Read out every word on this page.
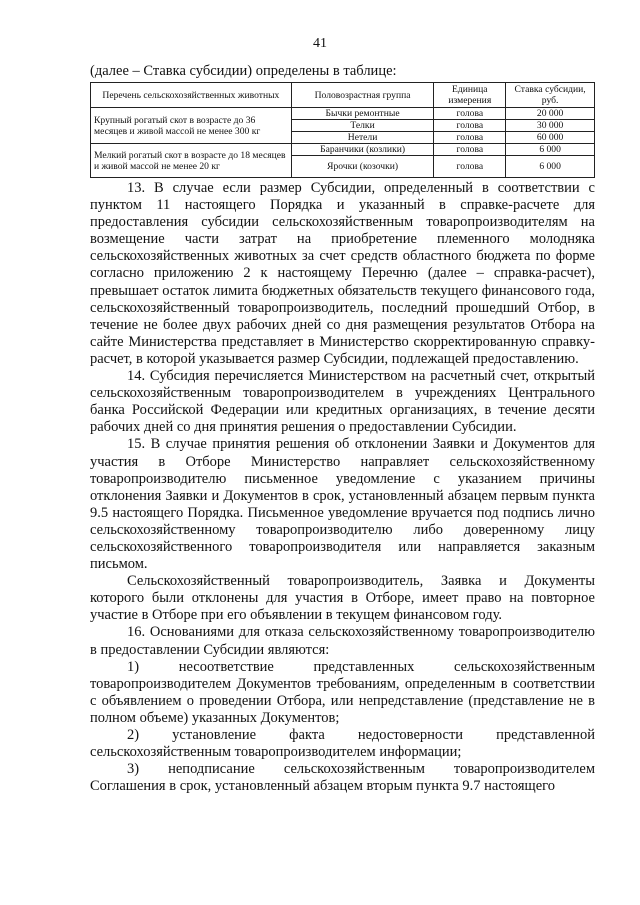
41
(далее – Ставка субсидии) определены в таблице:
Перечень сельскохозяйственных животных	Половозрастная группа	Единица измерения	Ставка субсидии, руб.
Крупный рогатый скот в возрасте до 36 месяцев и живой массой не менее 300 кг	Бычки ремонтные	голова	20 000
	Телки	голова	30 000
	Нетели	голова	60 000
Мелкий рогатый скот в возрасте до 18 месяцев и живой массой не менее 20 кг	Баранчики (козлики)	голова	6 000
	Ярочки (козочки)	голова	6 000

13. В случае если размер Субсидии, определенный в соответствии с пунктом 11 настоящего Порядка и указанный в справке-расчете для предоставления субсидии сельскохозяйственным товаропроизводителям на возмещение части затрат на приобретение племенного молодняка сельскохозяйственных животных за счет средств областного бюджета по форме согласно приложению 2 к настоящему Перечню (далее – справка-расчет), превышает остаток лимита бюджетных обязательств текущего финансового года, сельскохозяйственный товаропроизводитель, последний прошедший Отбор, в течение не более двух рабочих дней со дня размещения результатов Отбора на сайте Министерства представляет в Министерство скорректированную справку-расчет, в которой указывается размер Субсидии, подлежащей предоставлению.

14. Субсидия перечисляется Министерством на расчетный счет, открытый сельскохозяйственным товаропроизводителем в учреждениях Центрального банка Российской Федерации или кредитных организациях, в течение десяти рабочих дней со дня принятия решения о предоставлении Субсидии.

15. В случае принятия решения об отклонении Заявки и Документов для участия в Отборе Министерство направляет сельскохозяйственному товаропроизводителю письменное уведомление с указанием причины отклонения Заявки и Документов в срок, установленный абзацем первым пункта 9.5 настоящего Порядка. Письменное уведомление вручается под подпись лично сельскохозяйственному товаропроизводителю либо доверенному лицу сельскохозяйственного товаропроизводителя или направляется заказным письмом.

Сельскохозяйственный товаропроизводитель, Заявка и Документы которого были отклонены для участия в Отборе, имеет право на повторное участие в Отборе при его объявлении в текущем финансовом году.

16. Основаниями для отказа сельскохозяйственному товаропроизводителю в предоставлении Субсидии являются:

1) несоответствие представленных сельскохозяйственным товаропроизводителем Документов требованиям, определенным в соответствии с объявлением о проведении Отбора, или непредставление (представление не в полном объеме) указанных Документов;

2) установление факта недостоверности представленной сельскохозяйственным товаропроизводителем информации;

3) неподписание сельскохозяйственным товаропроизводителем Соглашения в срок, установленный абзацем вторым пункта 9.7 настоящего
